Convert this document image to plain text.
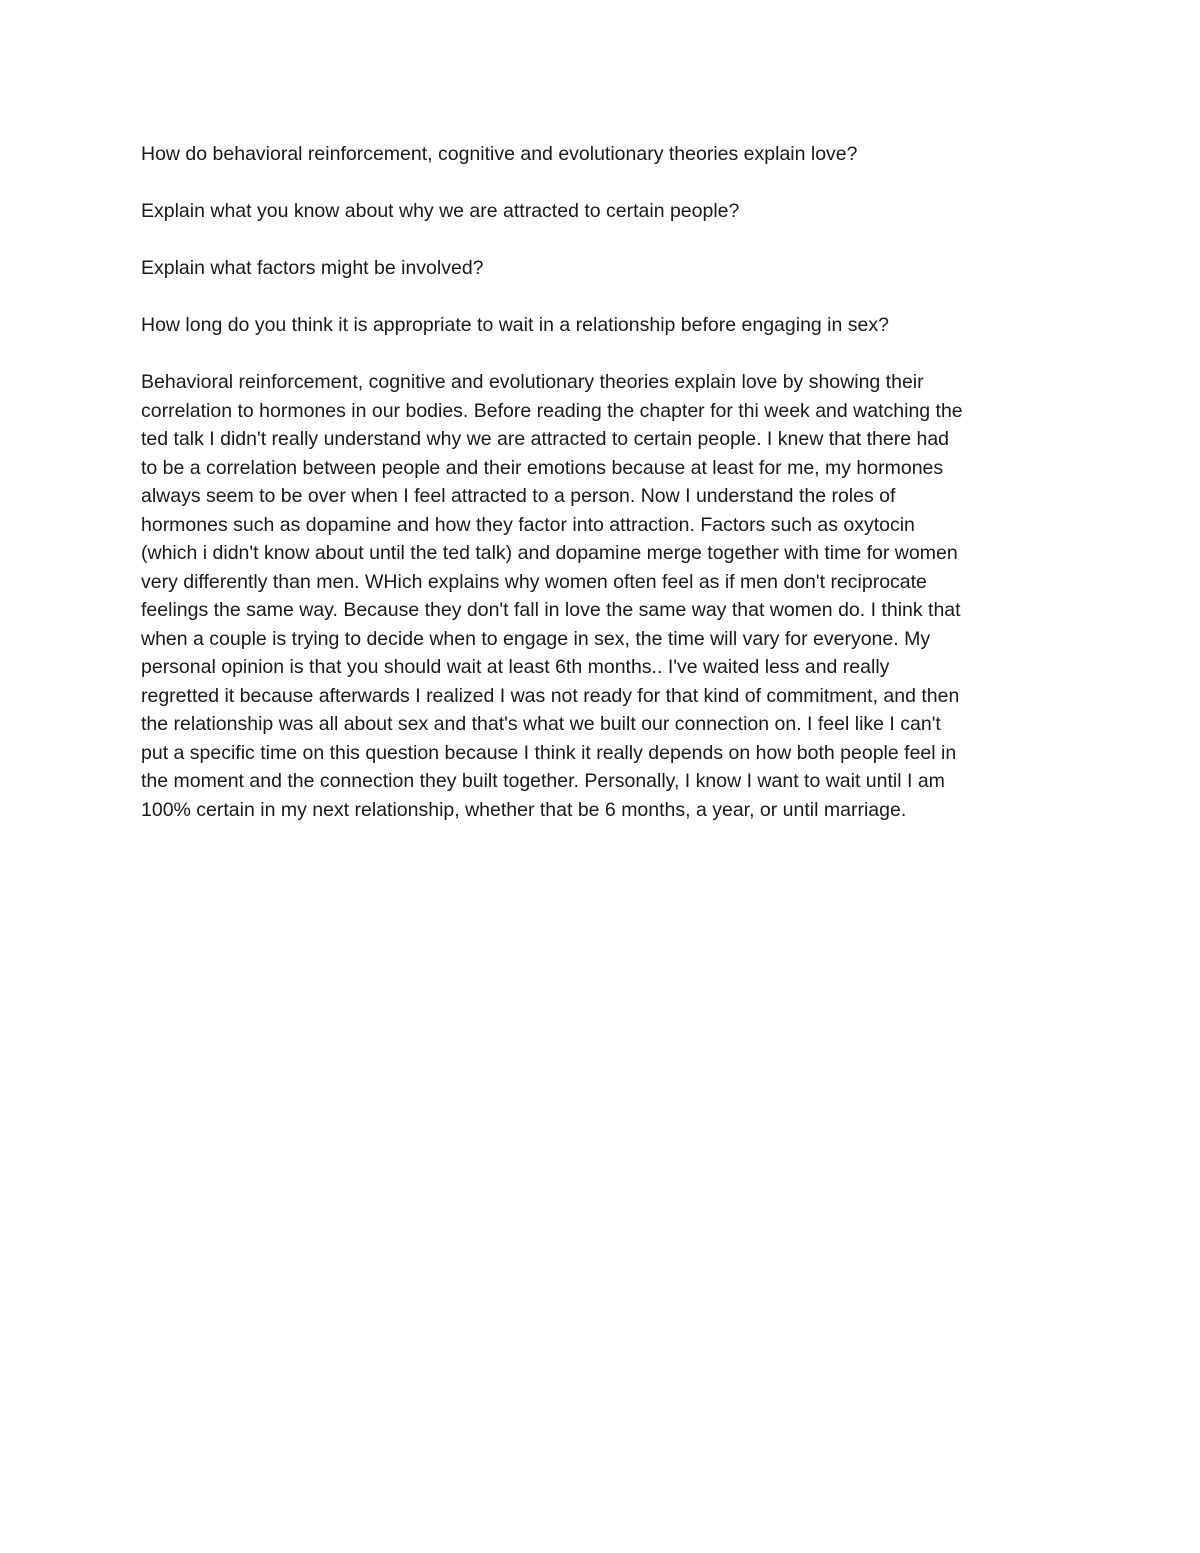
How do behavioral reinforcement, cognitive and evolutionary theories explain love?

Explain what you know about why we are attracted to certain people?

Explain what factors might be involved?

How long do you think it is appropriate to wait in a relationship before engaging in sex?

Behavioral reinforcement, cognitive and evolutionary theories explain love by showing their
correlation to hormones in our bodies. Before reading the chapter for thi week and watching the
ted talk I didn't really understand why we are attracted to certain people. I knew that there had
to be a correlation between people and their emotions because at least for me, my hormones
always seem to be over when I feel attracted to a person. Now I understand the roles of
hormones such as dopamine and how they factor into attraction. Factors such as oxytocin
(which i didn't know about until the ted talk) and dopamine merge together with time for women
very differently than men. WHich explains why women often feel as if men don't reciprocate
feelings the same way. Because they don't fall in love the same way that women do. I think that
when a couple is trying to decide when to engage in sex, the time will vary for everyone. My
personal opinion is that you should wait at least 6th months.. I've waited less and really
regretted it because afterwards I realized I was not ready for that kind of commitment, and then
the relationship was all about sex and that's what we built our connection on. I feel like I can't
put a specific time on this question because I think it really depends on how both people feel in
the moment and the connection they built together. Personally, I know I want to wait until I am
100% certain in my next relationship, whether that be 6 months, a year, or until marriage.
